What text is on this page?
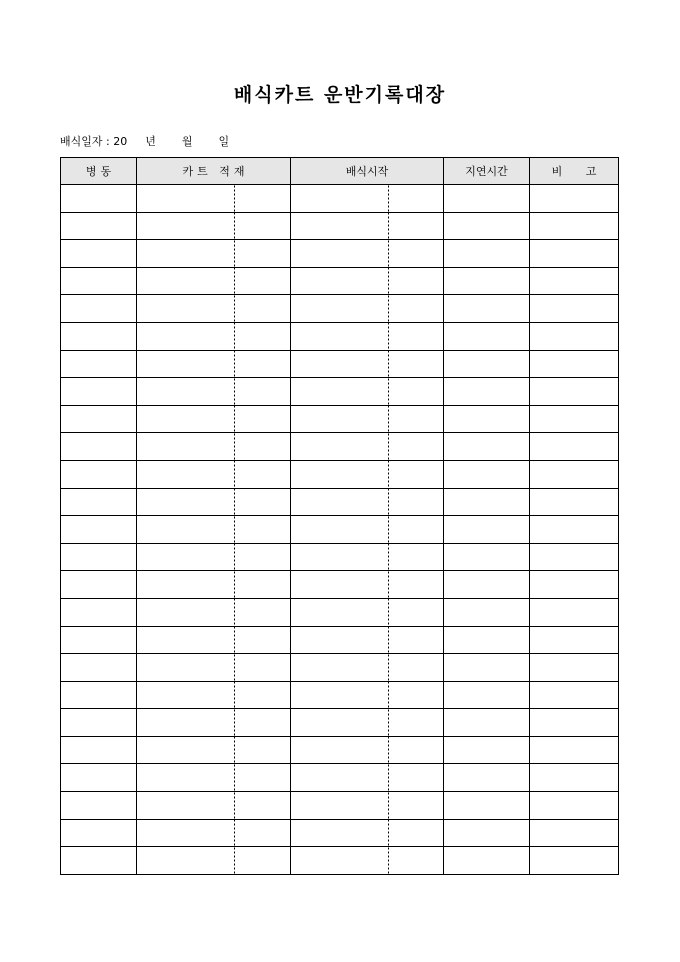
배식카트 운반기록대장
배식일자 : 20 년 월 일
병동	카트 적재	배식시작	지연시간	비 고
